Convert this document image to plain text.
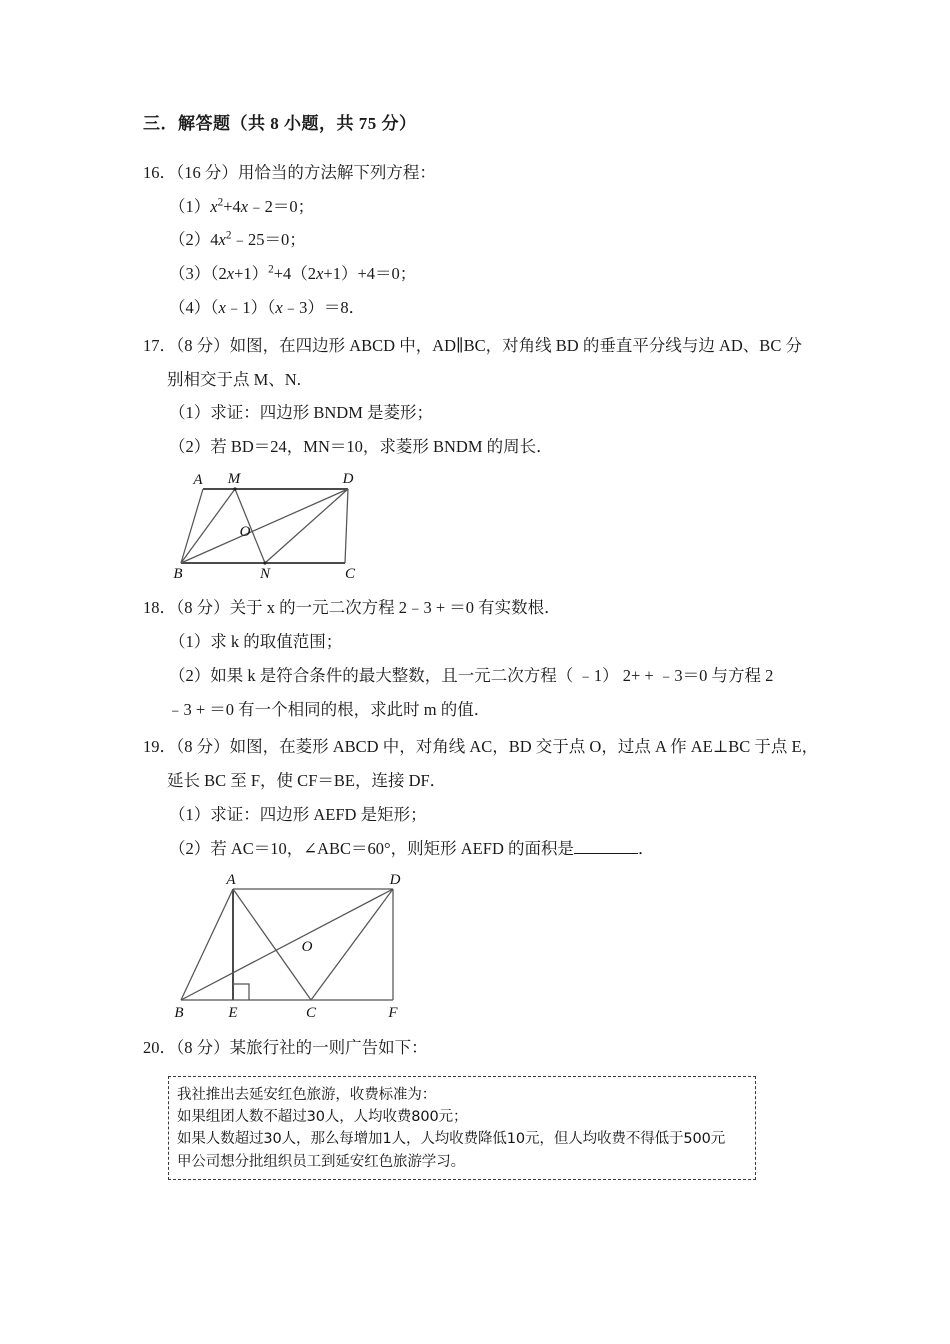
三．解答题（共 8 小题，共 75 分）

16．（16 分）用恰当的方法解下列方程：

$(1)x^2+4x﹣2=0$；

$(2)4x^2﹣25=0$；

$(3)(2x+1)^2+4(2x+1)+4=0$；

（4）（x﹣1）（x﹣3）＝8．

17．（8 分）如图，在四边形 ABCD 中，AD∥BC，对角线 BD 的垂直平分线与边 AD、BC 分

别相交于点 M、N.

（1）求证：四边形 BNDM 是菱形；

（2）若 BD＝24，MN＝10，求菱形 BNDM 的周长．

A M	D
B	N	C
O

18．（8 分）关于 x 的一元二次方程 2﹣3 + ＝0 有实数根．

（1）求 k 的取值范围；

（2）如果 k 是符合条件的最大整数，且一元二次方程（ ﹣1） 2+ + ﹣3＝0 与方程 2

﹣3 + ＝0 有一个相同的根，求此时 m 的值．

19．（8 分）如图，在菱形 ABCD 中，对角线 AC，BD 交于点 O，过点 A 作 AE⊥BC 于点 E，

延长 BC 至 F，使 CF＝BE，连接 DF．

（1）求证：四边形 AEFD 是矩形；

（2）若 AC＝10，∠ABC＝60°，则矩形 AEFD 的面积是	．

A	D
B	E	C	F
O

20．（8 分）某旅行社的一则广告如下：

我社推出去延安红色旅游，收费标准为：

如果组团人数不超过30人，人均收费800元；

如果人数超过30人，那么每增加1人，人均收费降低10元，但人均收费不得低于500元

甲公司想分批组织员工到延安红色旅游学习。
